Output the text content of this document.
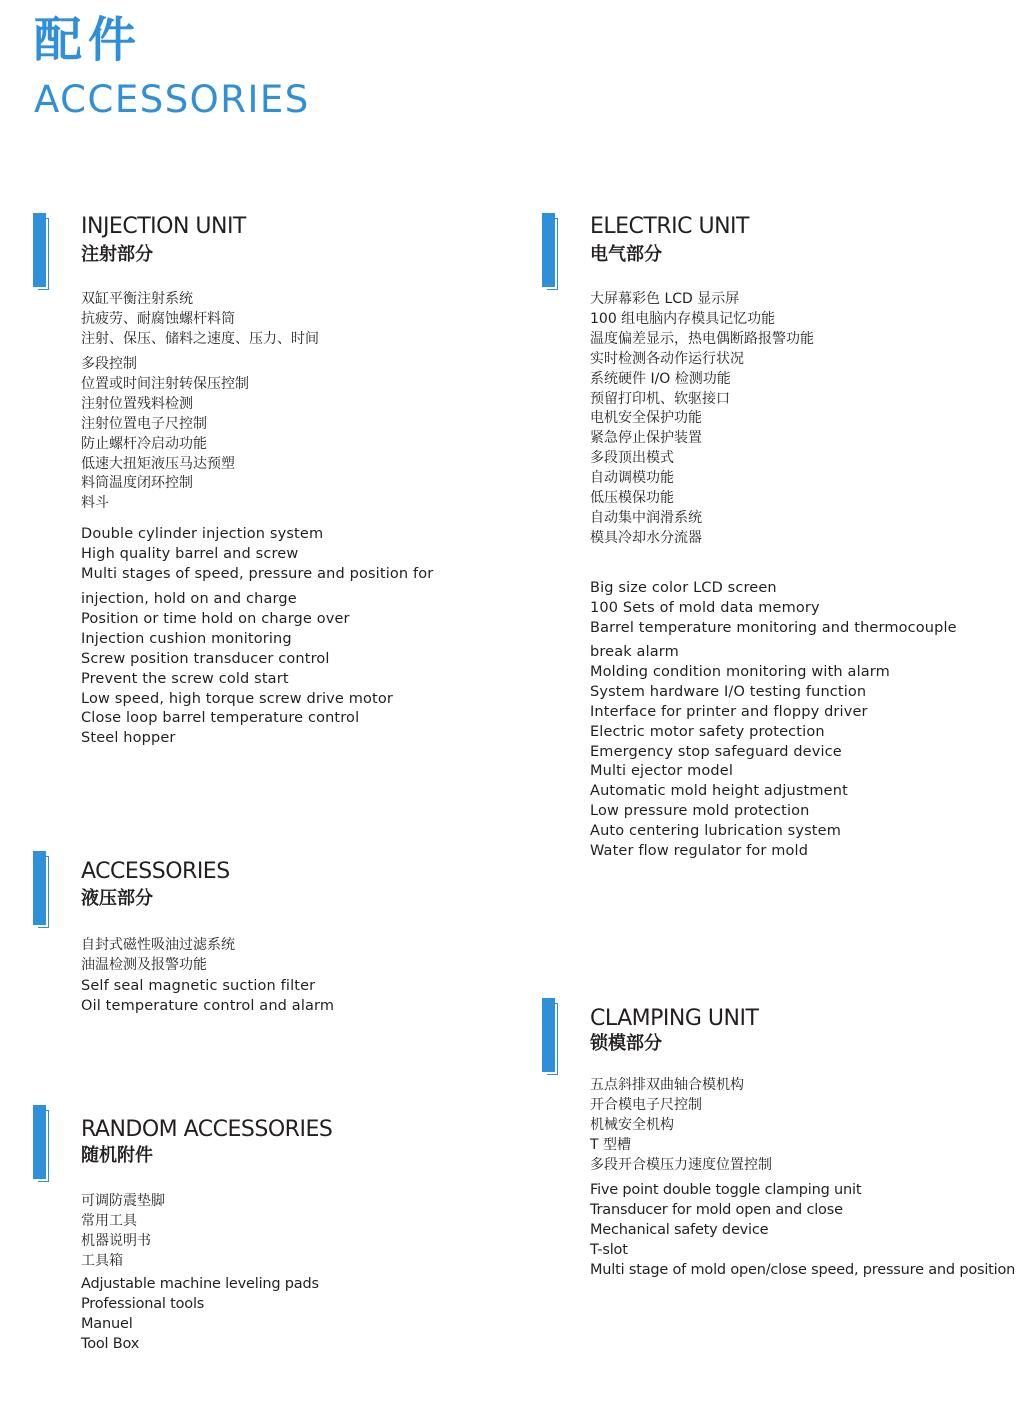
配件
ACCESSORIES
INJECTION UNIT
注射部分
双缸平衡注射系统
抗疲劳、耐腐蚀螺杆料筒
注射、保压、储料之速度、压力、时间
多段控制
位置或时间注射转保压控制
注射位置残料检测
注射位置电子尺控制
防止螺杆冷启动功能
低速大扭矩液压马达预塑
料筒温度闭环控制
料斗
Double cylinder injection system
High quality barrel and screw
Multi stages of speed, pressure and position for
injection, hold on and charge
Position or time hold on charge over
Injection cushion monitoring
Screw position transducer control
Prevent the screw cold start
Low speed, high torque screw drive motor
Close loop barrel temperature control
Steel hopper
ELECTRIC UNIT
电气部分
大屏幕彩色 LCD 显示屏
100 组电脑内存模具记忆功能
温度偏差显示，热电偶断路报警功能
实时检测各动作运行状况
系统硬件 I/O 检测功能
预留打印机、软驱接口
电机安全保护功能
紧急停止保护装置
多段顶出模式
自动调模功能
低压模保功能
自动集中润滑系统
模具冷却水分流器
Big size color LCD screen
100 Sets of mold data memory
Barrel temperature monitoring and thermocouple
break alarm
Molding condition monitoring with alarm
System hardware I/O testing function
Interface for printer and floppy driver
Electric motor safety protection
Emergency stop safeguard device
Multi ejector model
Automatic mold height adjustment
Low pressure mold protection
Auto centering lubrication system
Water flow regulator for mold
ACCESSORIES
液压部分
自封式磁性吸油过滤系统
油温检测及报警功能
Self seal magnetic suction filter
Oil temperature control and alarm
CLAMPING UNIT
锁模部分
五点斜排双曲轴合模机构
开合模电子尺控制
机械安全机构
T 型槽
多段开合模压力速度位置控制
Five point double toggle clamping unit
Transducer for mold open and close
Mechanical safety device
T-slot
Multi stage of mold open/close speed, pressure and position
RANDOM ACCESSORIES
随机附件
可调防震垫脚
常用工具
机器说明书
工具箱
Adjustable machine leveling pads
Professional tools
Manuel
Tool Box
